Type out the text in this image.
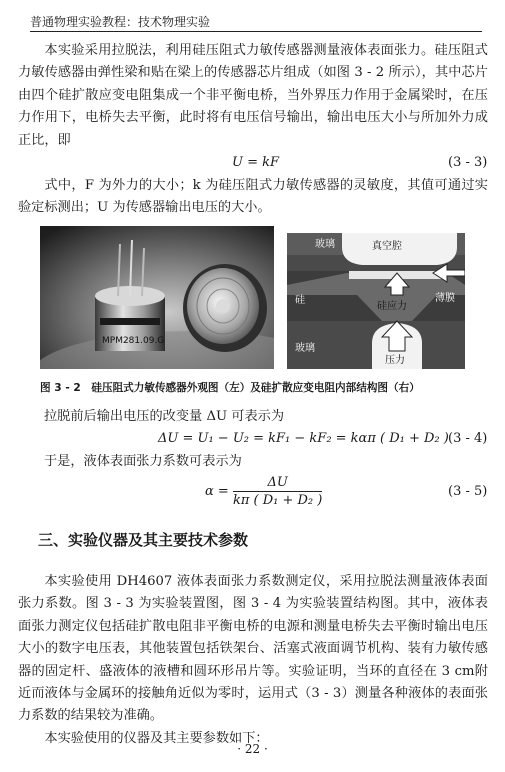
普通物理实验教程：技术物理实验

本实验采用拉脱法，利用硅压阻式力敏传感器测量液体表面张力。硅压阻式力敏传感器由弹性梁和贴在梁上的传感器芯片组成（如图 3 - 2 所示），其中芯片由四个硅扩散应变电阻集成一个非平衡电桥，当外界压力作用于金属梁时，在压力作用下，电桥失去平衡，此时将有电压信号输出，输出电压大小与所加外力成正比，即

U = kF	(3 - 3)

式中，F 为外力的大小；k 为硅压阻式力敏传感器的灵敏度，其值可通过实验定标测出；U 为传感器输出电压的大小。

MPM281.09.G
玻璃	真空腔
硅
硅应力
薄膜
玻璃
压力
图 3 - 2　硅压阻式力敏传感器外观图（左）及硅扩散应变电阻内部结构图（右）

拉脱前后输出电压的改变量 ΔU 可表示为

ΔU = U₁ − U₂ = kF₁ − kF₂ = kαπ ( D₁ + D₂ ) (3 - 4)

于是，液体表面张力系数可表示为

$\alpha = \frac{\Delta U}{\text{kπ ( D₁ + D₂ )}}$	(3 - 5)
三、实验仪器及其主要技术参数

本实验使用 DH4607 液体表面张力系数测定仪，采用拉脱法测量液体表面张力系数。图 3 - 3 为实验装置图，图 3 - 4 为实验装置结构图。其中，液体表面张力测定仪包括硅扩散电阻非平衡电桥的电源和测量电桥失去平衡时输出电压大小的数字电压表，其他装置包括铁架台、活塞式液面调节机构、装有力敏传感器的固定杆、盛液体的液槽和圆环形吊片等。实验证明，当环的直径在 3 cm附近而液体与金属环的接触角近似为零时，运用式（3 - 3）测量各种液体的表面张力系数的结果较为准确。

本实验使用的仪器及其主要参数如下：

· 22 ·
